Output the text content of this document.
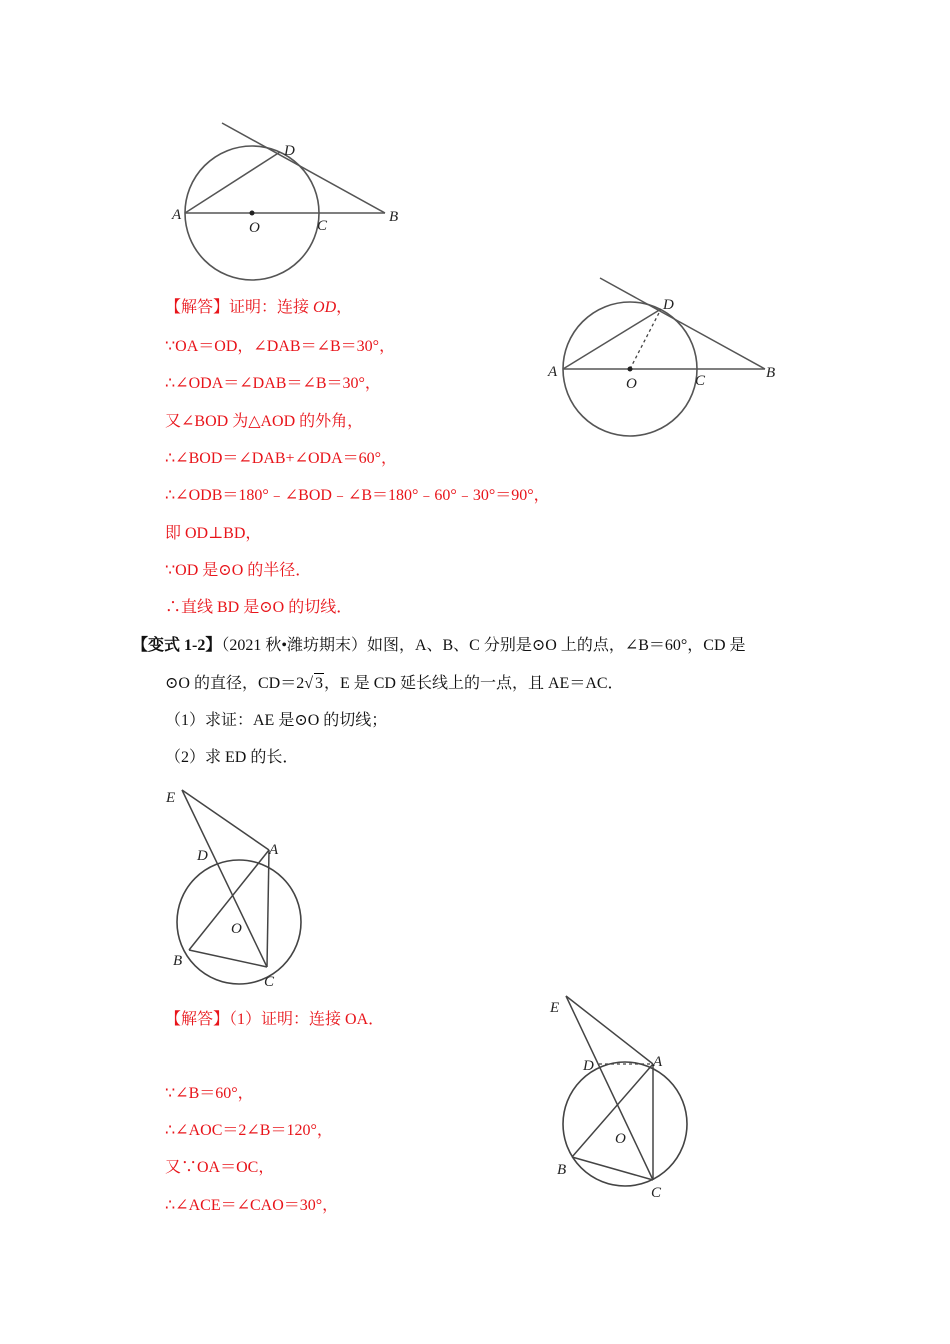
A
O	C
B
D
A
O	C	B
D
【解答】证明：连接 OD，
∵OA＝OD，∠DAB＝∠B＝30°，
∴∠ODA＝∠DAB＝∠B＝30°，
又∠BOD 为△AOD 的外角，
∴∠BOD＝∠DAB+∠ODA＝60°，
∴∠ODB＝180°﹣∠BOD﹣∠B＝180°﹣60°﹣30°＝90°，
即 OD⊥BD，
∵OD 是⊙O 的半径．
∴直线 BD 是⊙O 的切线．
【变式 1-2】（2021 秋•潍坊期末）如图，A、B、C 分别是⊙O 上的点，∠B＝60°，CD 是
⊙O 的直径，CD＝2√ 3，E 是 CD 延长线上的一点，且 AE＝AC．
（1）求证：AE 是⊙O 的切线；
（2）求 ED 的长．
E
D	A
O
B
C
E
D	A
O
B
C
【解答】（1）证明：连接 OA．
∵∠B＝60°，
∴∠AOC＝2∠B＝120°，
又∵OA＝OC，
∴∠ACE＝∠CAO＝30°，
